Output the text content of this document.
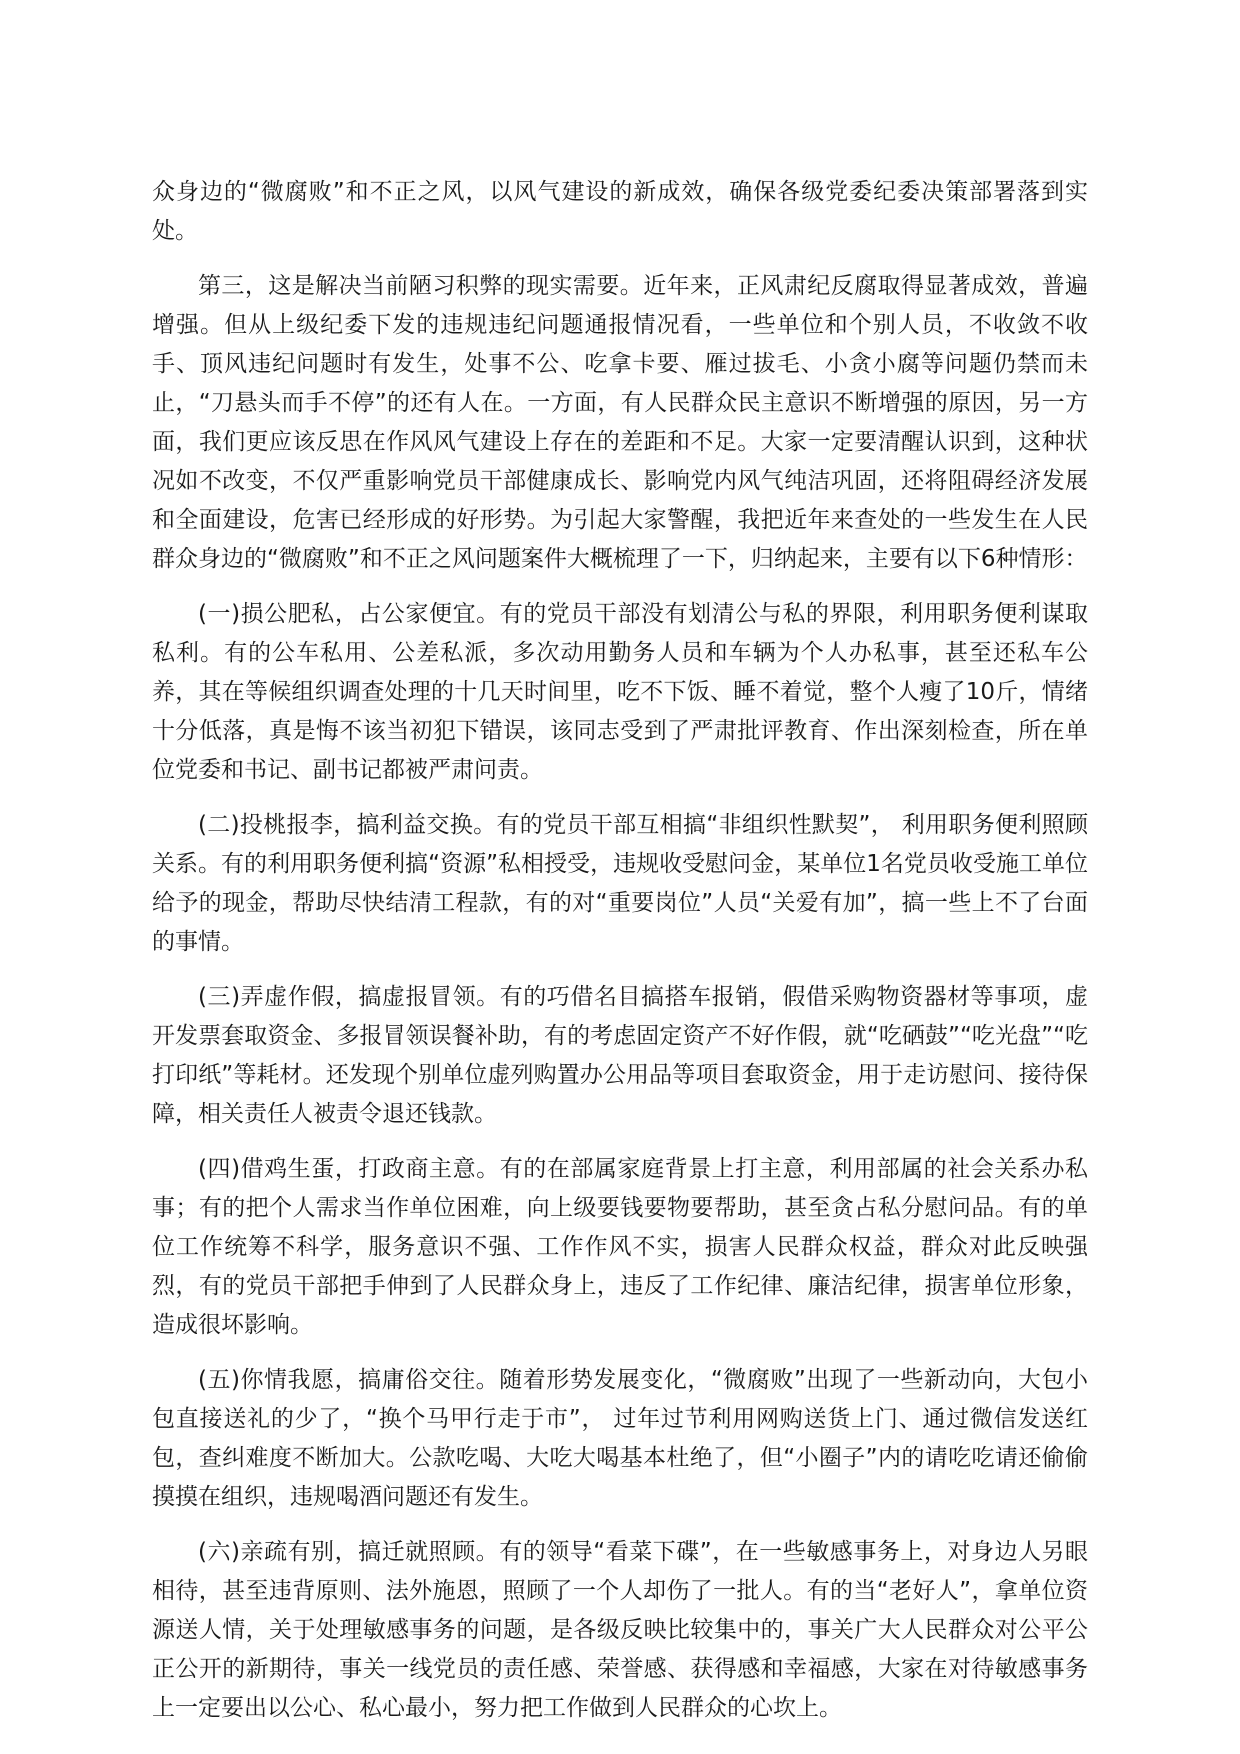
众身边的“微腐败”和不正之风，以风气建设的新成效，确保各级党委纪委决策部署落到实处。

第三，这是解决当前陋习积弊的现实需要。近年来，正风肃纪反腐取得显著成效，普遍增强。但从上级纪委下发的违规违纪问题通报情况看，一些单位和个别人员，不收敛不收手、顶风违纪问题时有发生，处事不公、吃拿卡要、雁过拔毛、小贪小腐等问题仍禁而未止，“刀悬头而手不停”的还有人在。一方面，有人民群众民主意识不断增强的原因，另一方面，我们更应该反思在作风风气建设上存在的差距和不足。大家一定要清醒认识到，这种状况如不改变，不仅严重影响党员干部健康成长、影响党内风气纯洁巩固，还将阻碍经济发展和全面建设，危害已经形成的好形势。为引起大家警醒，我把近年来查处的一些发生在人民群众身边的“微腐败”和不正之风问题案件大概梳理了一下，归纳起来，主要有以下6种情形：

(一)损公肥私，占公家便宜。有的党员干部没有划清公与私的界限，利用职务便利谋取私利。有的公车私用、公差私派，多次动用勤务人员和车辆为个人办私事，甚至还私车公养，其在等候组织调查处理的十几天时间里，吃不下饭、睡不着觉，整个人瘦了10斤，情绪十分低落，真是悔不该当初犯下错误，该同志受到了严肃批评教育、作出深刻检查，所在单位党委和书记、副书记都被严肃问责。

(二)投桃报李，搞利益交换。有的党员干部互相搞“非组织性默契”， 利用职务便利照顾关系。有的利用职务便利搞“资源”私相授受，违规收受慰问金，某单位1名党员收受施工单位给予的现金，帮助尽快结清工程款，有的对“重要岗位”人员“关爱有加”，搞一些上不了台面的事情。

(三)弄虚作假，搞虚报冒领。有的巧借名目搞搭车报销，假借采购物资器材等事项，虚开发票套取资金、多报冒领误餐补助，有的考虑固定资产不好作假，就“吃硒鼓”“吃光盘”“吃打印纸”等耗材。还发现个别单位虚列购置办公用品等项目套取资金，用于走访慰问、接待保障，相关责任人被责令退还钱款。

(四)借鸡生蛋，打政商主意。有的在部属家庭背景上打主意，利用部属的社会关系办私事；有的把个人需求当作单位困难，向上级要钱要物要帮助，甚至贪占私分慰问品。有的单位工作统筹不科学，服务意识不强、工作作风不实，损害人民群众权益，群众对此反映强烈，有的党员干部把手伸到了人民群众身上，违反了工作纪律、廉洁纪律，损害单位形象，造成很坏影响。

(五)你情我愿，搞庸俗交往。随着形势发展变化，“微腐败”出现了一些新动向，大包小包直接送礼的少了，“换个马甲行走于市”， 过年过节利用网购送货上门、通过微信发送红包，查纠难度不断加大。公款吃喝、大吃大喝基本杜绝了，但“小圈子”内的请吃吃请还偷偷摸摸在组织，违规喝酒问题还有发生。

(六)亲疏有别，搞迁就照顾。有的领导“看菜下碟”，在一些敏感事务上，对身边人另眼相待，甚至违背原则、法外施恩，照顾了一个人却伤了一批人。有的当“老好人”，拿单位资源送人情，关于处理敏感事务的问题，是各级反映比较集中的，事关广大人民群众对公平公正公开的新期待，事关一线党员的责任感、荣誉感、获得感和幸福感，大家在对待敏感事务上一定要出以公心、私心最小，努力把工作做到人民群众的心坎上。
